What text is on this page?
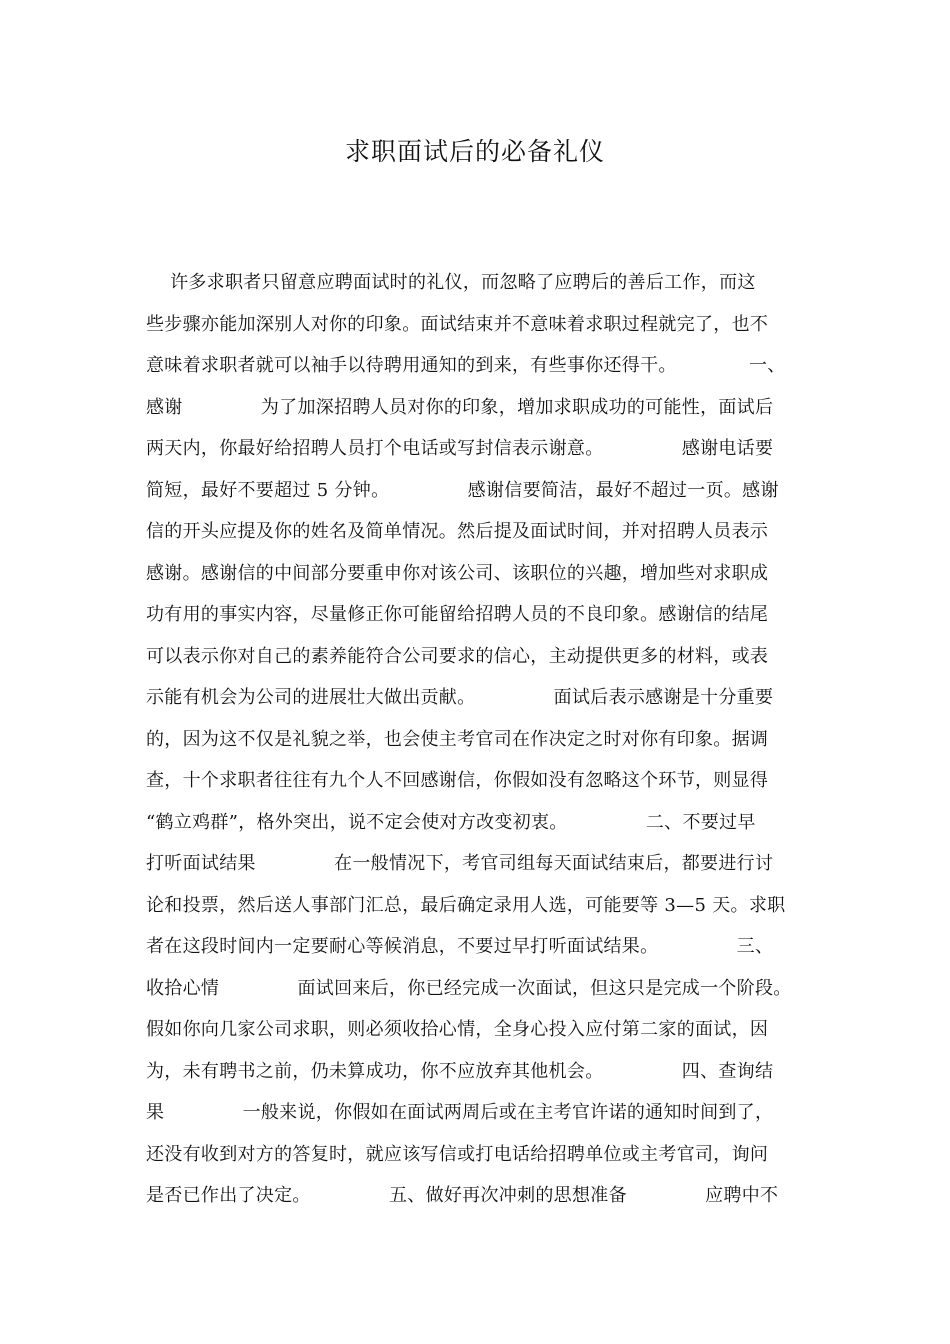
求职面试后的必备礼仪
许多求职者只留意应聘面试时的礼仪，而忽略了应聘后的善后工作，而这
些步骤亦能加深别人对你的印象。面试结束并不意味着求职过程就完了，也不
意味着求职者就可以袖手以待聘用通知的到来，有些事你还得干。            一、
感谢             为了加深招聘人员对你的印象，增加求职成功的可能性，面试后
两天内，你最好给招聘人员打个电话或写封信表示谢意。             感谢电话要
简短，最好不要超过 5 分钟。             感谢信要简洁，最好不超过一页。感谢
信的开头应提及你的姓名及简单情况。然后提及面试时间，并对招聘人员表示
感谢。感谢信的中间部分要重申你对该公司、该职位的兴趣，增加些对求职成
功有用的事实内容，尽量修正你可能留给招聘人员的不良印象。感谢信的结尾
可以表示你对自己的素养能符合公司要求的信心，主动提供更多的材料，或表
示能有机会为公司的进展壮大做出贡献。             面试后表示感谢是十分重要
的，因为这不仅是礼貌之举，也会使主考官司在作决定之时对你有印象。据调
查，十个求职者往往有九个人不回感谢信，你假如没有忽略这个环节，则显得
“鹤立鸡群”，格外突出，说不定会使对方改变初衷。             二、不要过早
打听面试结果             在一般情况下，考官司组每天面试结束后，都要进行讨
论和投票，然后送人事部门汇总，最后确定录用人选，可能要等 3—5 天。求职
者在这段时间内一定要耐心等候消息，不要过早打听面试结果。             三、
收拾心情             面试回来后，你已经完成一次面试，但这只是完成一个阶段。
假如你向几家公司求职，则必须收拾心情，全身心投入应付第二家的面试，因
为，未有聘书之前，仍未算成功，你不应放弃其他机会。             四、查询结
果             一般来说，你假如在面试两周后或在主考官许诺的通知时间到了，
还没有收到对方的答复时，就应该写信或打电话给招聘单位或主考官司，询问
是否已作出了决定。             五、做好再次冲刺的思想准备             应聘中不
